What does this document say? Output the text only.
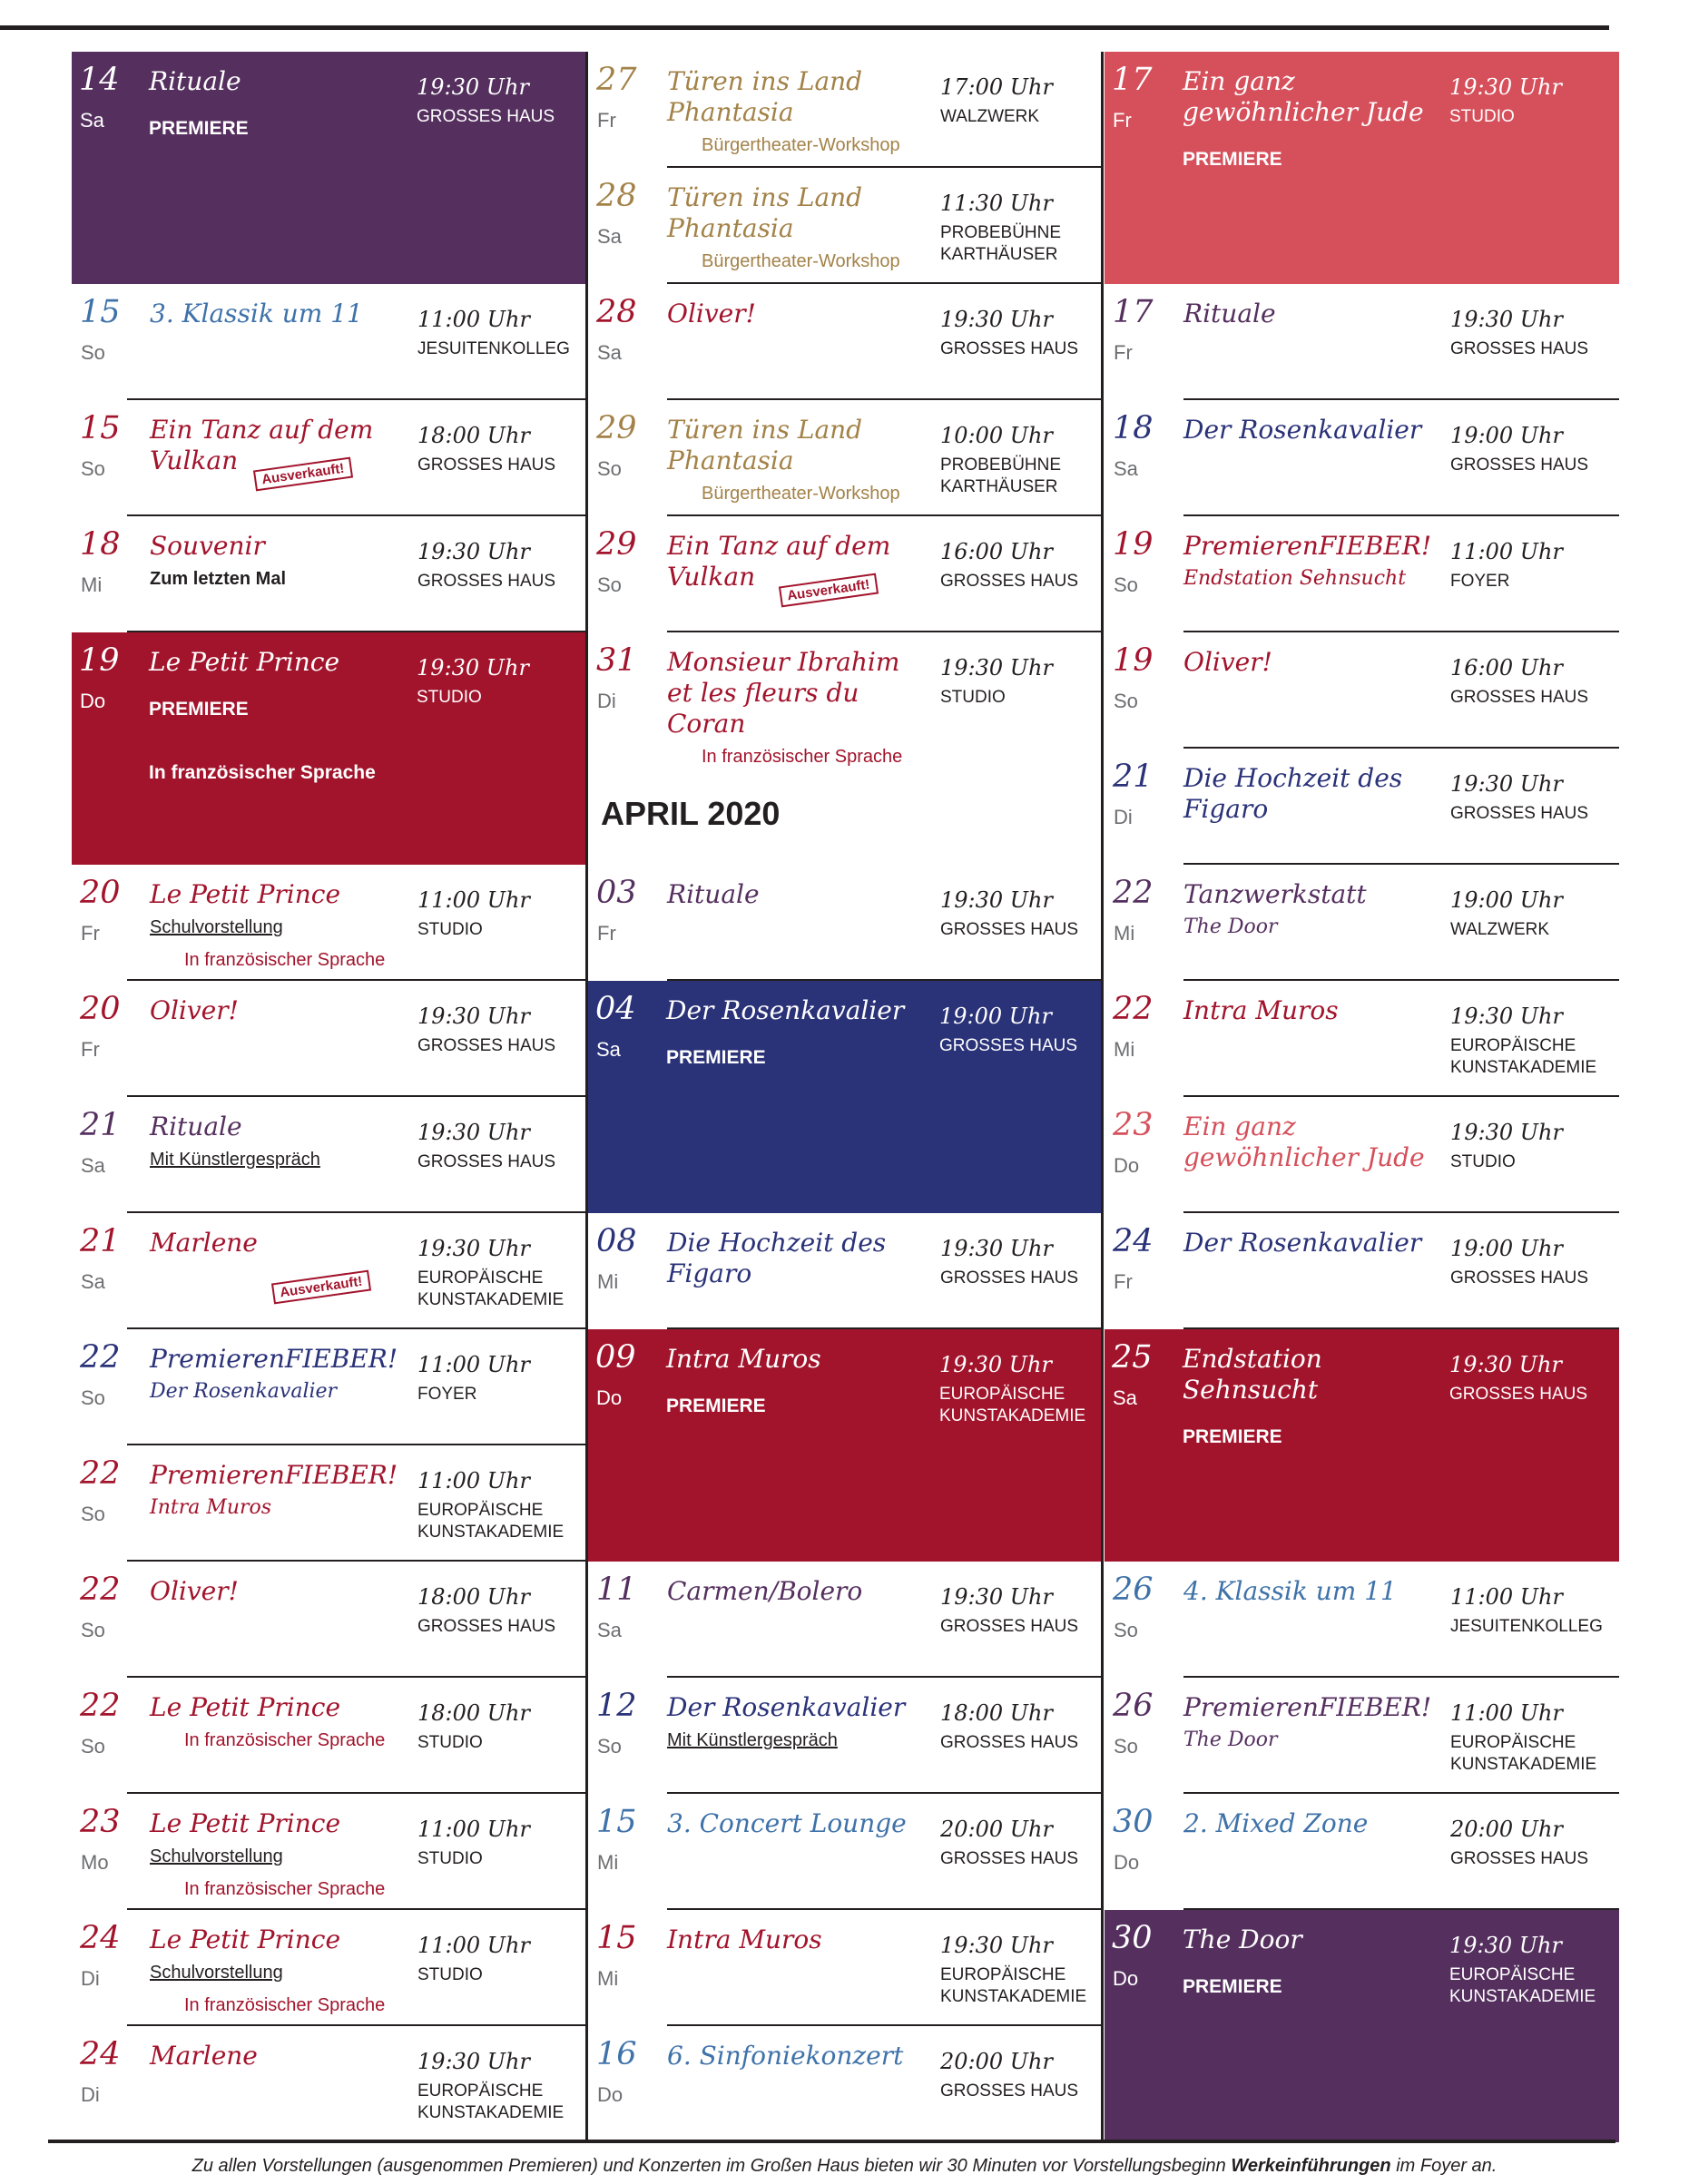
14
Sa
Rituale
PREMIERE
19:30 Uhr
GROSSES HAUS
15
So
3. Klassik um 11	11:00 Uhr
JESUITENKOLLEG
15
So
Ein Tanz auf dem Vulkan
18:00 Uhr
GROSSES HAUS
Ausverkauft!
18
Mi
Souvenir
Zum letzten Mal
19:30 Uhr
GROSSES HAUS
19
Do
Le Petit Prince
PREMIERE
In französischer Sprache
19:30 Uhr
STUDIO
20
Fr
Le Petit Prince
Schulvorstellung
In französischer Sprache
11:00 Uhr
STUDIO
20
Fr
Oliver!	19:30 Uhr
GROSSES HAUS
21
Sa
Rituale
Mit Künstlergespräch
19:30 Uhr
GROSSES HAUS
21
Sa
Marlene	19:30 Uhr
EUROPÄISCHE KUNSTAKADEMIE
Ausverkauft!
22
So
PremierenFIEBER!
Der Rosenkavalier
11:00 Uhr
FOYER
22
So
PremierenFIEBER!
Intra Muros
11:00 Uhr
EUROPÄISCHE KUNSTAKADEMIE
22
So
Oliver!	18:00 Uhr
GROSSES HAUS
22
So
Le Petit Prince
In französischer Sprache
18:00 Uhr
STUDIO
23
Mo
Le Petit Prince
Schulvorstellung
In französischer Sprache
11:00 Uhr
STUDIO
24
Di
Le Petit Prince
Schulvorstellung
In französischer Sprache
11:00 Uhr
STUDIO
24
Di
Marlene	19:30 Uhr
EUROPÄISCHE KUNSTAKADEMIE
27
Fr
Türen ins Land Phantasia
Bürgertheater-Workshop
17:00 Uhr
WALZWERK
28
Sa
Türen ins Land Phantasia
Bürgertheater-Workshop
11:30 Uhr
PROBEBÜHNE KARTHÄUSER
28
Sa
Oliver!	19:30 Uhr
GROSSES HAUS
29
So
Türen ins Land Phantasia
Bürgertheater-Workshop
10:00 Uhr
PROBEBÜHNE KARTHÄUSER
29
So
Ein Tanz auf dem Vulkan
16:00 Uhr
GROSSES HAUS
Ausverkauft!
31
Di
Monsieur Ibrahim et les fleurs du Coran
In französischer Sprache
19:30 Uhr
STUDIO
03
Fr
Rituale	19:30 Uhr
GROSSES HAUS
04
Sa
Der Rosenkavalier
PREMIERE
19:00 Uhr
GROSSES HAUS
08
Mi
Die Hochzeit des Figaro
19:30 Uhr
GROSSES HAUS
09
Do
Intra Muros
PREMIERE
19:30 Uhr
EUROPÄISCHE KUNSTAKADEMIE
11
Sa
Carmen/Bolero	19:30 Uhr
GROSSES HAUS
12
So
Der Rosenkavalier
Mit Künstlergespräch
18:00 Uhr
GROSSES HAUS
15
Mi
3. Concert Lounge	20:00 Uhr
GROSSES HAUS
15
Mi
Intra Muros	19:30 Uhr
EUROPÄISCHE KUNSTAKADEMIE
16
Do
6. Sinfoniekonzert	20:00 Uhr
GROSSES HAUS
17
Fr
Ein ganz gewöhnlicher Jude
PREMIERE
19:30 Uhr
STUDIO
17
Fr
Rituale	19:30 Uhr
GROSSES HAUS
18
Sa
Der Rosenkavalier	19:00 Uhr
GROSSES HAUS
19
So
PremierenFIEBER!
Endstation Sehnsucht
11:00 Uhr
FOYER
19
So
Oliver!	16:00 Uhr
GROSSES HAUS
21
Di
Die Hochzeit des Figaro
19:30 Uhr
GROSSES HAUS
22
Mi
Tanzwerkstatt
The Door
19:00 Uhr
WALZWERK
22
Mi
Intra Muros	19:30 Uhr
EUROPÄISCHE KUNSTAKADEMIE
23
Do
Ein ganz gewöhnlicher Jude
19:30 Uhr
STUDIO
24
Fr
Der Rosenkavalier	19:00 Uhr
GROSSES HAUS
25
Sa
Endstation Sehnsucht
PREMIERE
19:30 Uhr
GROSSES HAUS
26
So
4. Klassik um 11	11:00 Uhr
JESUITENKOLLEG
26
So
PremierenFIEBER!
The Door
11:00 Uhr
EUROPÄISCHE KUNSTAKADEMIE
30
Do
2. Mixed Zone	20:00 Uhr
GROSSES HAUS
30
Do
The Door
PREMIERE
19:30 Uhr
EUROPÄISCHE KUNSTAKADEMIE
APRIL 2020
Zu allen Vorstellungen (ausgenommen Premieren) und Konzerten im Großen Haus bieten wir 30 Minuten vor Vorstellungsbeginn Werkeinführungen im Foyer an.
